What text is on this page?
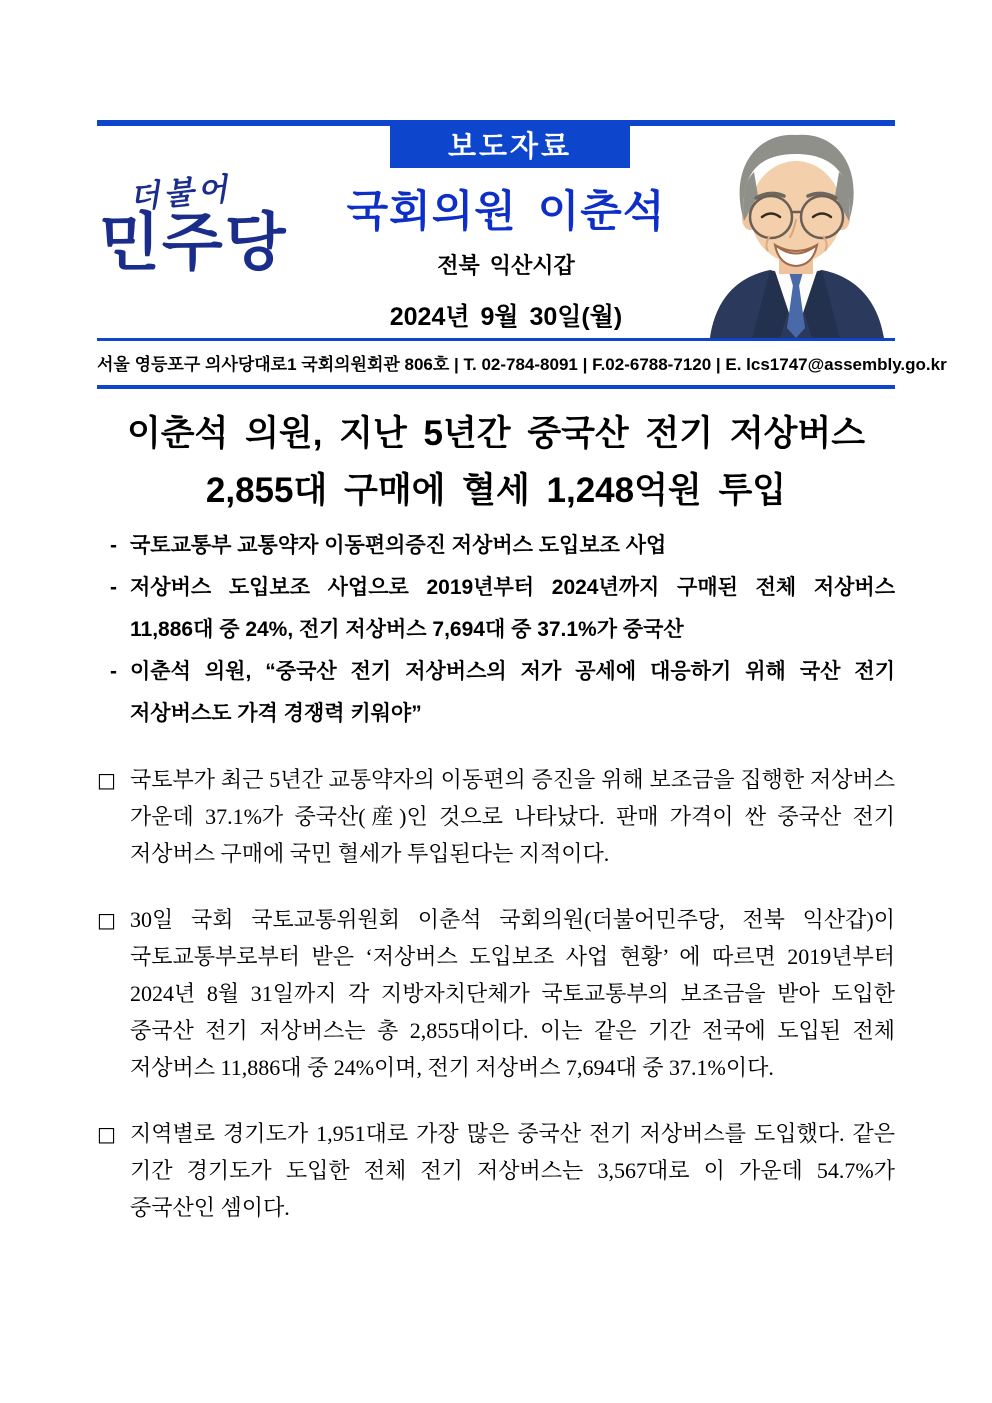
보도자료
더불어
민주당	국회의원 이춘석
전북 익산시갑
2024년 9월 30일(월)
서울 영등포구 의사당대로1 국회의원회관 806호 | T. 02-784-8091 | F.02-6788-7120 | E. lcs1747@assembly.go.kr
이춘석 의원, 지난 5년간 중국산 전기 저상버스
2,855대 구매에 혈세 1,248억원 투입
- 국토교통부 교통약자 이동편의증진 저상버스 도입보조 사업
- 저상버스 도입보조 사업으로 2019년부터 2024년까지 구매된 전체 저상버스 11,886대 중 24%, 전기 저상버스 7,694대 중 37.1%가 중국산
- 이춘석 의원, “중국산 전기 저상버스의 저가 공세에 대응하기 위해 국산 전기 저상버스도 가격 경쟁력 키워야”

□ 국토부가 최근 5년간 교통약자의 이동편의 증진을 위해 보조금을 집행한 저상버스 가운데 37.1%가 중국산(産)인 것으로 나타났다. 판매 가격이 싼 중국산 전기 저상버스 구매에 국민 혈세가 투입된다는 지적이다.

□ 30일 국회 국토교통위원회 이춘석 국회의원(더불어민주당, 전북 익산갑)이 국토교통부로부터 받은 ‘저상버스 도입보조 사업 현황’ 에 따르면 2019년부터 2024년 8월 31일까지 각 지방자치단체가 국토교통부의 보조금을 받아 도입한 중국산 전기 저상버스는 총 2,855대이다. 이는 같은 기간 전국에 도입된 전체 저상버스 11,886대 중 24%이며, 전기 저상버스 7,694대 중 37.1%이다.

□ 지역별로 경기도가 1,951대로 가장 많은 중국산 전기 저상버스를 도입했다. 같은 기간 경기도가 도입한 전체 전기 저상버스는 3,567대로 이 가운데 54.7%가 중국산인 셈이다.
